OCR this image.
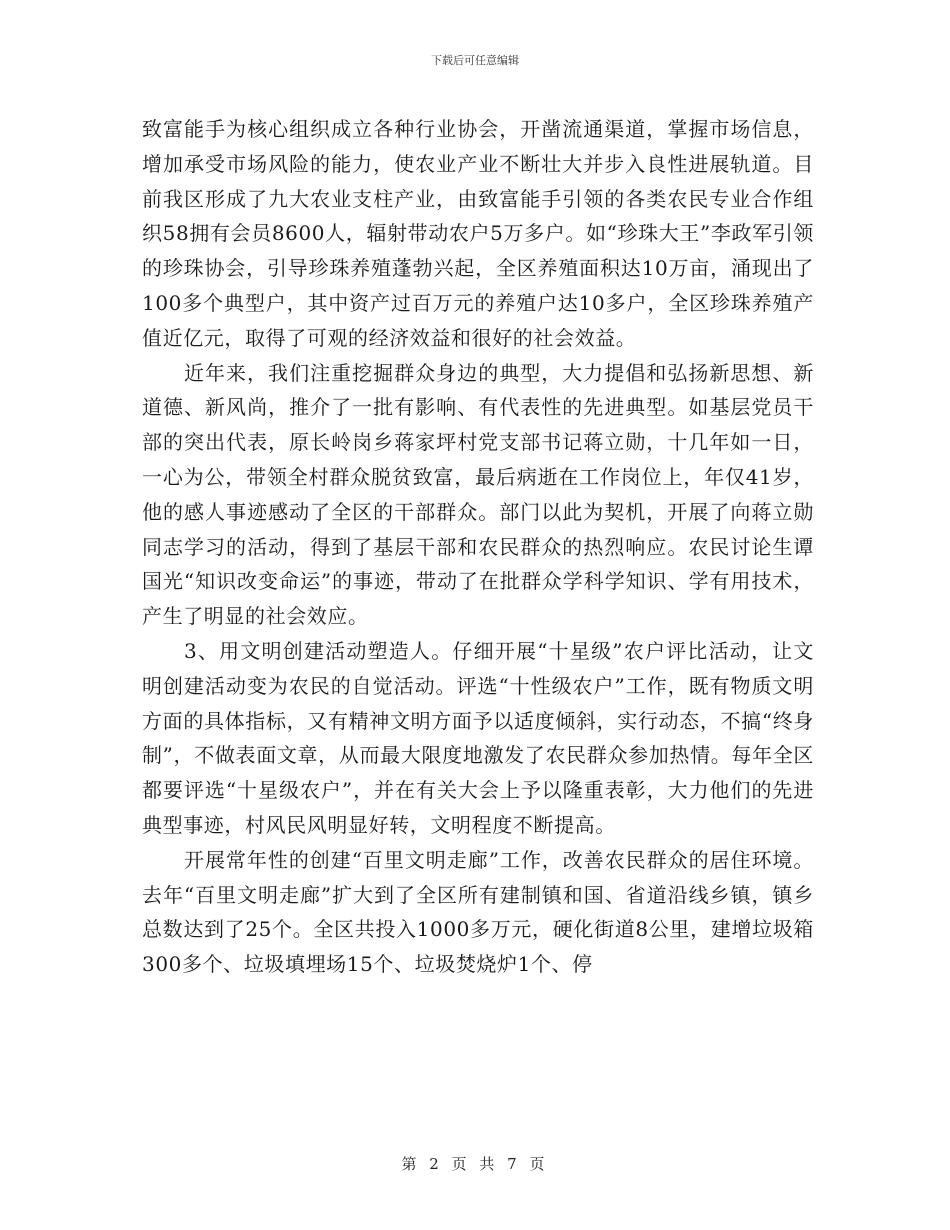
下载后可任意编辑

致富能手为核心组织成立各种行业协会，开凿流通渠道，掌握市场信息，增加承受市场风险的能力，使农业产业不断壮大并步入良性进展轨道。目前我区形成了九大农业支柱产业，由致富能手引领的各类农民专业合作组织58拥有会员8600人，辐射带动农户5万多户。如“珍珠大王”李政军引领的珍珠协会，引导珍珠养殖蓬勃兴起，全区养殖面积达10万亩，涌现出了100多个典型户，其中资产过百万元的养殖户达10多户，全区珍珠养殖产值近亿元，取得了可观的经济效益和很好的社会效益。

近年来，我们注重挖掘群众身边的典型，大力提倡和弘扬新思想、新道德、新风尚，推介了一批有影响、有代表性的先进典型。如基层党员干部的突出代表，原长岭岗乡蒋家坪村党支部书记蒋立勋，十几年如一日，一心为公，带领全村群众脱贫致富，最后病逝在工作岗位上，年仅41岁，他的感人事迹感动了全区的干部群众。部门以此为契机，开展了向蒋立勋同志学习的活动，得到了基层干部和农民群众的热烈响应。农民讨论生谭国光“知识改变命运”的事迹，带动了在批群众学科学知识、学有用技术，产生了明显的社会效应。

3、用文明创建活动塑造人。仔细开展“十星级”农户评比活动，让文明创建活动变为农民的自觉活动。评选“十性级农户”工作，既有物质文明方面的具体指标，又有精神文明方面予以适度倾斜，实行动态，不搞“终身制”，不做表面文章，从而最大限度地激发了农民群众参加热情。每年全区都要评选“十星级农户”，并在有关大会上予以隆重表彰，大力他们的先进典型事迹，村风民风明显好转，文明程度不断提高。

开展常年性的创建“百里文明走廊”工作，改善农民群众的居住环境。去年“百里文明走廊”扩大到了全区所有建制镇和国、省道沿线乡镇，镇乡总数达到了25个。全区共投入1000多万元，硬化街道8公里，建增垃圾箱300多个、垃圾填埋场15个、垃圾焚烧炉1个、停

第 2 页 共 7 页
